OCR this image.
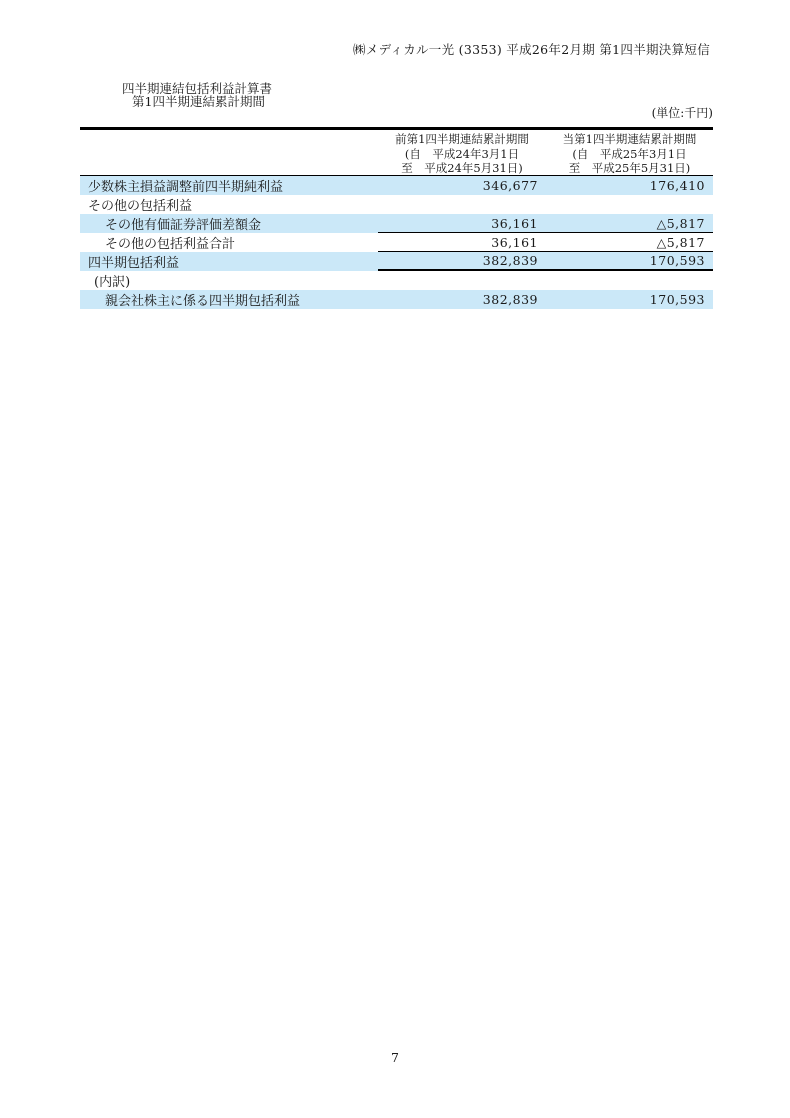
㈱メディカル一光 (3353) 平成26年2月期 第1四半期決算短信
四半期連結包括利益計算書
第1四半期連結累計期間
(単位:千円)
前第1四半期連結累計期間
(自　平成24年3月1日
至　平成24年5月31日)
当第1四半期連結累計期間
(自　平成25年3月1日
至　平成25年5月31日)
少数株主損益調整前四半期純利益	346,677	176,410
その他の包括利益
その他有価証券評価差額金	36,161	△5,817
その他の包括利益合計	36,161	△5,817
四半期包括利益	382,839	170,593
(内訳)
親会社株主に係る四半期包括利益	382,839	170,593
7
